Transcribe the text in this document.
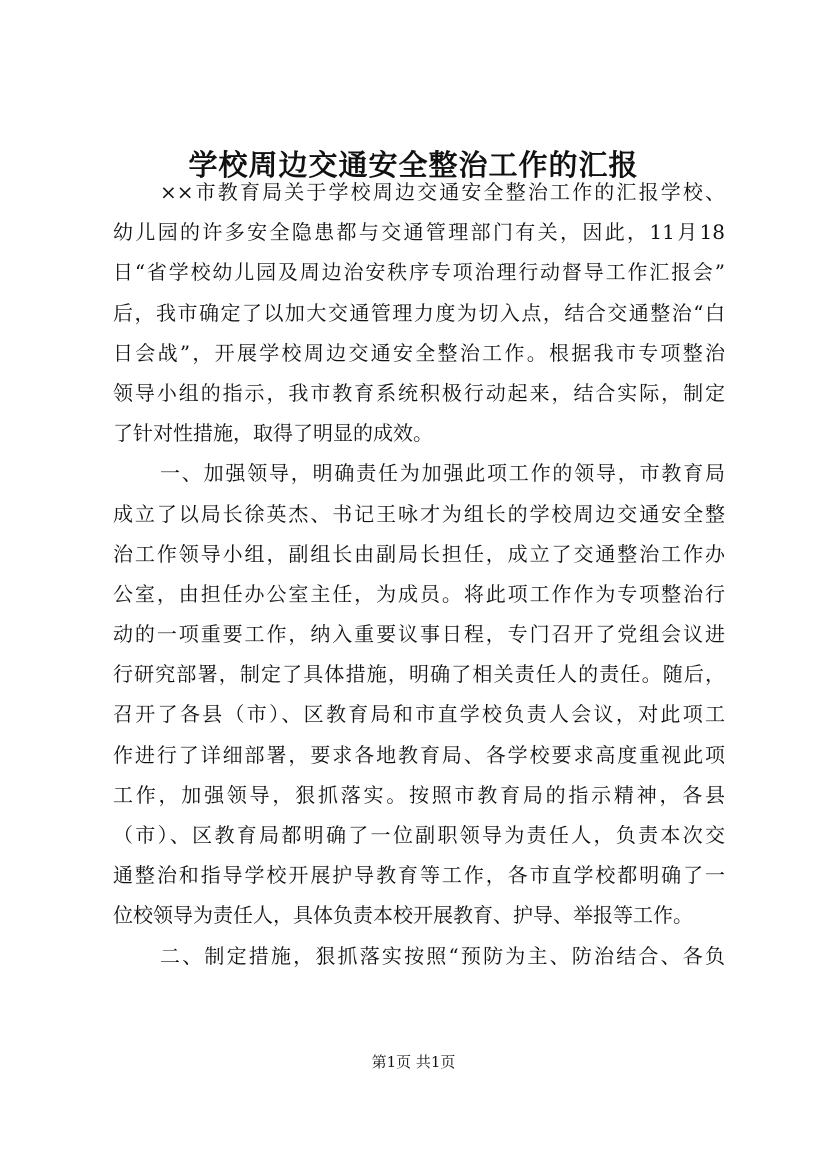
学校周边交通安全整治工作的汇报
××市教育局关于学校周边交通安全整治工作的汇报学校、
幼儿园的许多安全隐患都与交通管理部门有关，因此，11月18
日“省学校幼儿园及周边治安秩序专项治理行动督导工作汇报会”
后，我市确定了以加大交通管理力度为切入点，结合交通整治“白
日会战”，开展学校周边交通安全整治工作。根据我市专项整治
领导小组的指示，我市教育系统积极行动起来，结合实际，制定
了针对性措施，取得了明显的成效。
一、加强领导，明确责任为加强此项工作的领导，市教育局
成立了以局长徐英杰、书记王咏才为组长的学校周边交通安全整
治工作领导小组，副组长由副局长担任，成立了交通整治工作办
公室，由担任办公室主任，为成员。将此项工作作为专项整治行
动的一项重要工作，纳入重要议事日程，专门召开了党组会议进
行研究部署，制定了具体措施，明确了相关责任人的责任。随后，
召开了各县（市）、区教育局和市直学校负责人会议，对此项工
作进行了详细部署，要求各地教育局、各学校要求高度重视此项
工作，加强领导，狠抓落实。按照市教育局的指示精神，各县
（市）、区教育局都明确了一位副职领导为责任人，负责本次交
通整治和指导学校开展护导教育等工作，各市直学校都明确了一
位校领导为责任人，具体负责本校开展教育、护导、举报等工作。
二、制定措施，狠抓落实按照“预防为主、防治结合、各负
第1页 共1页
